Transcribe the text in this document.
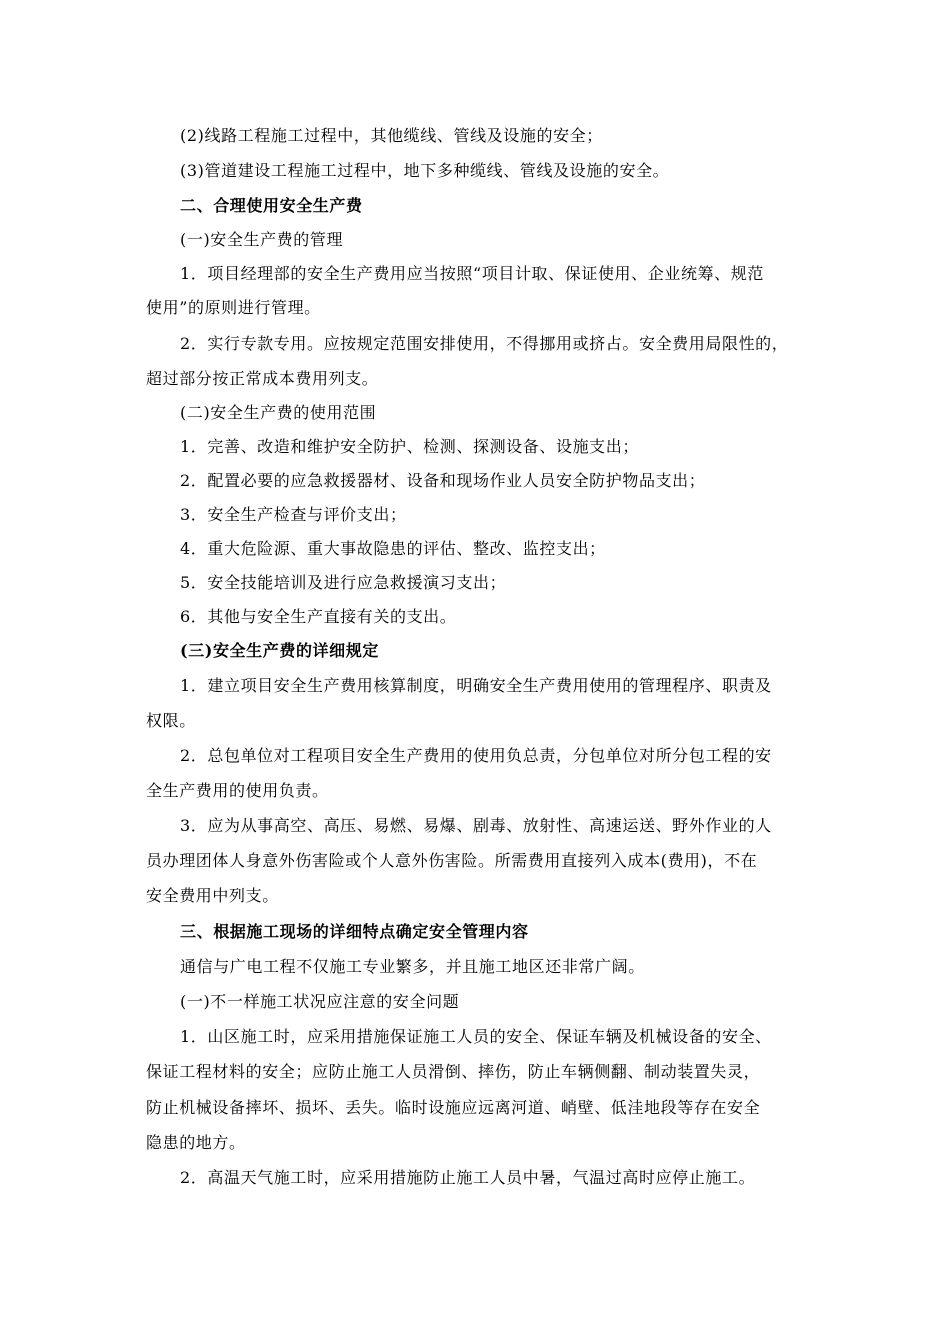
(2)线路工程施工过程中，其他缆线、管线及设施的安全；
(3)管道建设工程施工过程中，地下多种缆线、管线及设施的安全。
二、合理使用安全生产费
(一)安全生产费的管理
1．项目经理部的安全生产费用应当按照“项目计取、保证使用、企业统筹、规范
使用”的原则进行管理。
2．实行专款专用。应按规定范围安排使用，不得挪用或挤占。安全费用局限性的，
超过部分按正常成本费用列支。
(二)安全生产费的使用范围
1．完善、改造和维护安全防护、检测、探测设备、设施支出；
2．配置必要的应急救援器材、设备和现场作业人员安全防护物品支出；
3．安全生产检查与评价支出；
4．重大危险源、重大事故隐患的评估、整改、监控支出；
5．安全技能培训及进行应急救援演习支出；
6．其他与安全生产直接有关的支出。
(三)安全生产费的详细规定
1．建立项目安全生产费用核算制度，明确安全生产费用使用的管理程序、职责及
权限。
2．总包单位对工程项目安全生产费用的使用负总责，分包单位对所分包工程的安
全生产费用的使用负责。
3．应为从事高空、高压、易燃、易爆、剧毒、放射性、高速运送、野外作业的人
员办理团体人身意外伤害险或个人意外伤害险。所需费用直接列入成本(费用)，不在
安全费用中列支。
三、根据施工现场的详细特点确定安全管理内容
通信与广电工程不仅施工专业繁多，并且施工地区还非常广阔。
(一)不一样施工状况应注意的安全问题
1．山区施工时，应采用措施保证施工人员的安全、保证车辆及机械设备的安全、
保证工程材料的安全；应防止施工人员滑倒、摔伤，防止车辆侧翻、制动装置失灵，
防止机械设备摔坏、损坏、丢失。临时设施应远离河道、峭壁、低洼地段等存在安全
隐患的地方。
2．高温天气施工时，应采用措施防止施工人员中暑，气温过高时应停止施工。
